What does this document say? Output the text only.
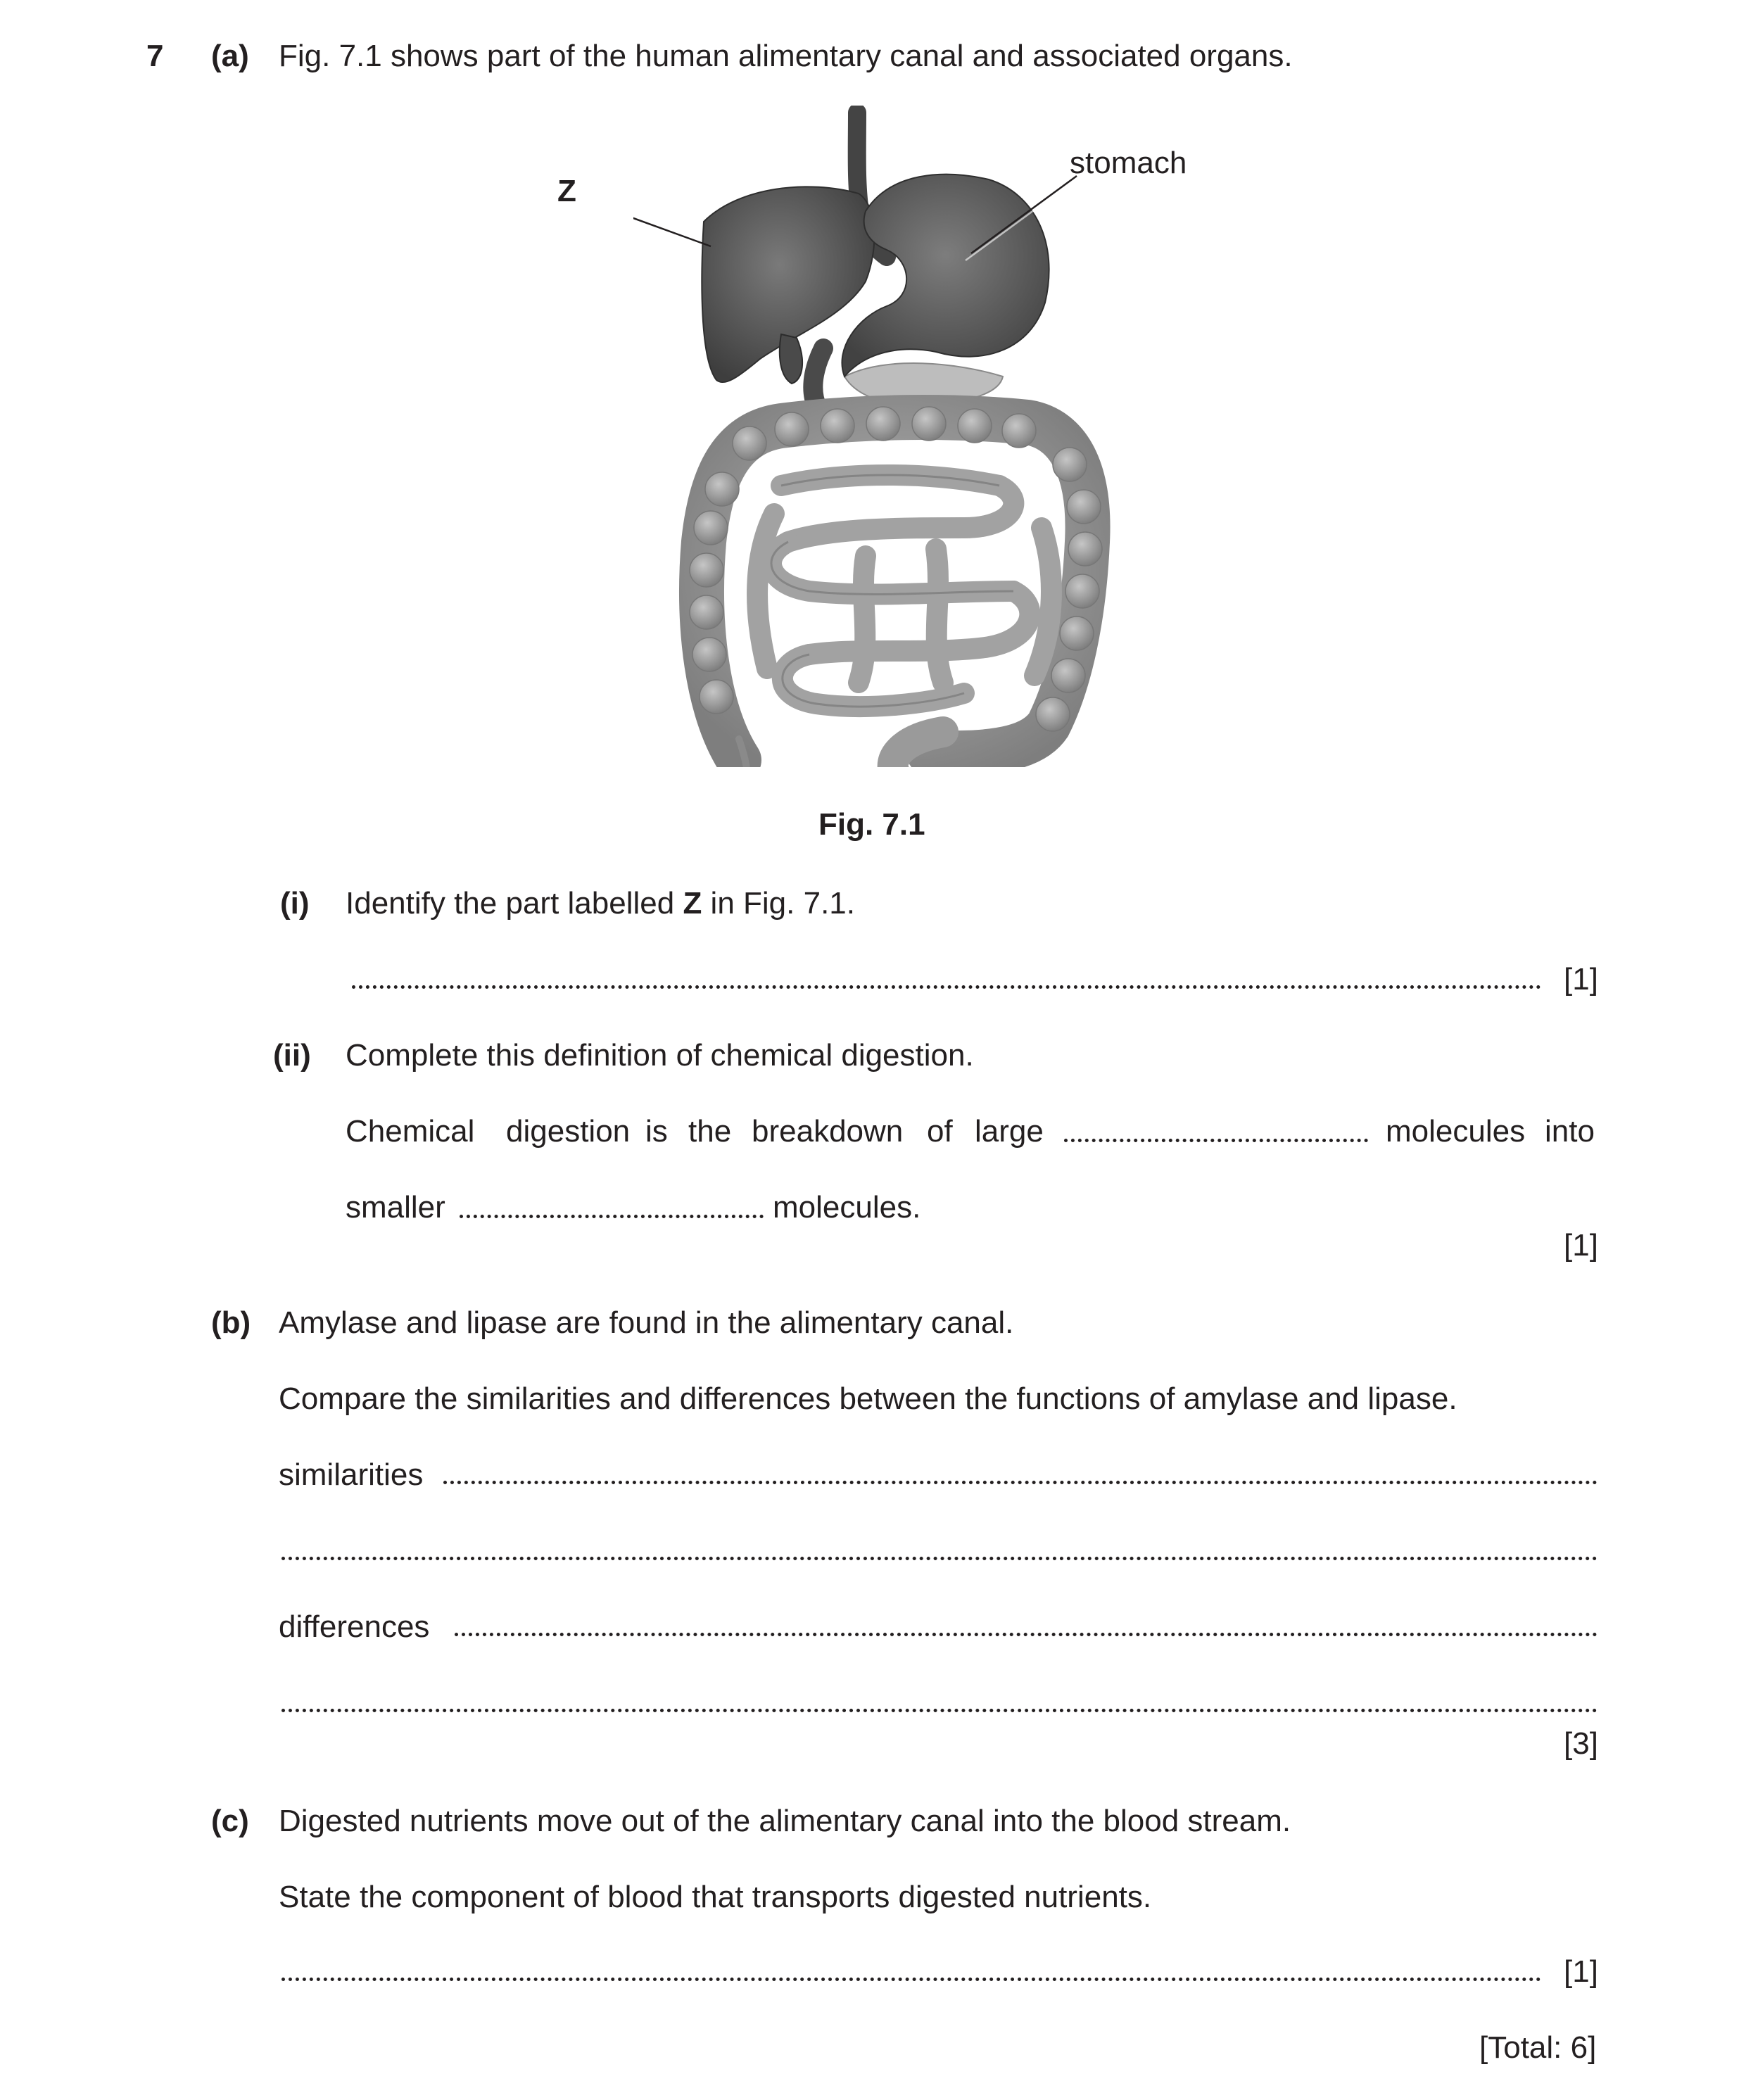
7 (a) Fig. 7.1 shows part of the human alimentary canal and associated organs.
Z
stomach
Fig. 7.1
(i) Identify the part labelled Z in Fig. 7.1.
[1]
(ii) Complete this definition of chemical digestion.
Chemical digestion is the breakdown of large	molecules into
smaller	molecules.
[1]
(b) Amylase and lipase are found in the alimentary canal.
Compare the similarities and differences between the functions of amylase and lipase.
similarities
differences
[3]
(c) Digested nutrients move out of the alimentary canal into the blood stream.
State the component of blood that transports digested nutrients.
[1]
[Total: 6]
